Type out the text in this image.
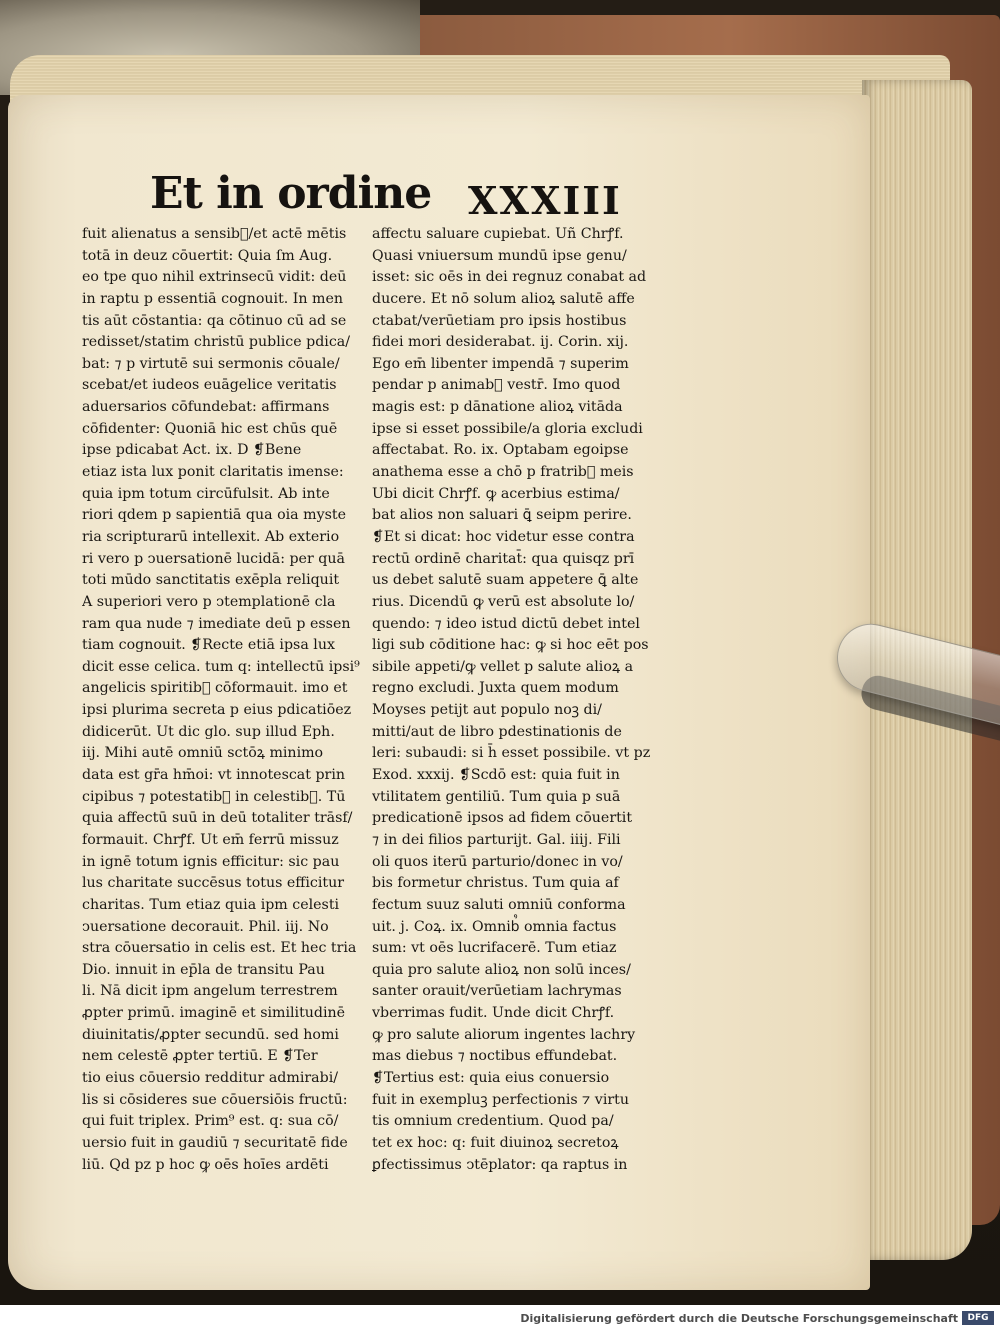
Et in ordine XXXIII
fuit alienatus a sensib᷒/et actē mētis
totā in deuz cōuertit: Quia ſm Aug.
eo tpe quo nihil extrinsecū vidit: deū
in raptu p essentiā cognouit. In men
tis aūt cōstantia: qa cōtinuo cū ad se
redisset/statim christū publice pdica/
bat: ⁊ p virtutē sui sermonis cōuale/
scebat/et iudeos euāgelice veritatis
aduersarios cōfundebat: affirmans
cōfidenter: Quoniā hic est chūs quē
ipse pdicabat Act. ix. D ❡Bene
etiaz ista lux ponit claritatis imense:
quia ipm totum circūfulsit. Ab inte
riori qdem p sapientiā qua oia myste
ria scripturarū intellexit. Ab exterio
ri vero p ↄuersationē lucidā: per quā
toti mūdo sanctitatis exēpla reliquit
A superiori vero p ↄtemplationē cla
ram qua nude ⁊ imediate deū p essen
tiam cognouit. ❡Recte etiā ipsa lux
dicit esse celica. tum q: intellectū ipsi⁹
angelicis spiritib᷒ cōformauit. imo et
ipsi plurima secreta p eius pdicatiōez
didicerūt. Ut dic glo. sup illud Eph.
iij. Mihi autē omniū sctōꝝ minimo
data est gr̄a hm̄oi: vt innotescat prin
cipibus ⁊ potestatib᷒ in celestib᷒. Tū
quia affectū suū in deū totaliter trāsf/
formauit. Chrꝭf. Ut em̄ ferrū missuz
in ignē totum ignis efficitur: sic pau
lus charitate succēsus totus efficitur
charitas. Tum etiaz quia ipm celesti
ↄuersatione decorauit. Phil. iij. No
stra cōuersatio in celis est. Et hec tria
Dio. innuit in ep̄la de transitu Pau
li. Nā dicit ipm angelum terrestrem
ꝓpter primū. imaginē et similitudinē
diuinitatis/ꝓpter secundū. sed homi
nem celestē ꝓpter tertiū. E ❡Ter
tio eius cōuersio redditur admirabi/
lis si cōsideres sue cōuersiōis fructū:
qui fuit triplex. Prim⁹ est. q: sua cō/
uersio fuit in gaudiū ⁊ securitatē fide
liū. Qd pz p hoc ꝙ oēs hoīes ardēti
affectu saluare cupiebat. Uñ Chrꝭf.
Quasi vniuersum mundū ipse genu/
isset: sic oēs in dei regnuz conabat ad
ducere. Et nō solum alioꝝ salutē affe
ctabat/verūetiam pro ipsis hostibus
fidei mori desiderabat. ij. Corin. xij.
Ego em̄ libenter impendā ⁊ superim
pendar p animab᷒ vestr̄. Imo quod
magis est: p dānatione alioꝝ vitāda
ipse si esset possibile/a gloria excludi
affectabat. Ro. ix. Optabam egoipse
anathema esse a chō p fratrib᷒ meis
Ubi dicit Chrꝭf. ꝙ acerbius estima/
bat alios non saluari ꝗ̄ seipm perire.
❡Et si dicat: hoc videtur esse contra
rectū ordinē charitat̄: qua quisqz prī
us debet salutē suam appetere ꝗ̄ alte
rius. Dicendū ꝙ verū est absolute lo/
quendo: ⁊ ideo istud dictū debet intel
ligi sub cōditione hac: ꝙ si hoc eēt pos
sibile appeti/ꝙ vellet p salute alioꝝ a
regno excludi. Juxta quem modum
Moyses petijt aut populo noꝫ di/
mitti/aut de libro pdestinationis de
leri: subaudi: si h̄ esset possibile. vt pz
Exod. xxxij. ❡Scdō est: quia fuit in
vtilitatem gentiliū. Tum quia p suā
predicationē ipsos ad fidem cōuertit
⁊ in dei filios parturijt. Gal. iiij. Fili
oli quos iterū parturio/donec in vo/
bis formetur christus. Tum quia af
fectum suuz saluti omniū conforma
uit. j. Coꝝ. ix. Omnib᷒ omnia factus
sum: vt oēs lucrifacerē. Tum etiaz
quia pro salute alioꝝ non solū inces/
santer orauit/verūetiam lachrymas
vberrimas fudit. Unde dicit Chrꝭf.
ꝙ pro salute aliorum ingentes lachry
mas diebus ⁊ noctibus effundebat.
❡Tertius est: quia eius conuersio
fuit in exempluꝫ perfectionis ⁊ virtu
tis omnium credentium. Quod pa/
tet ex hoc: q: fuit diuinoꝝ secretoꝝ
ꝑfectissimus ↄtēplator: qa raptus in
Digitalisierung gefördert durch die Deutsche Forschungsgemeinschaft	DFG
